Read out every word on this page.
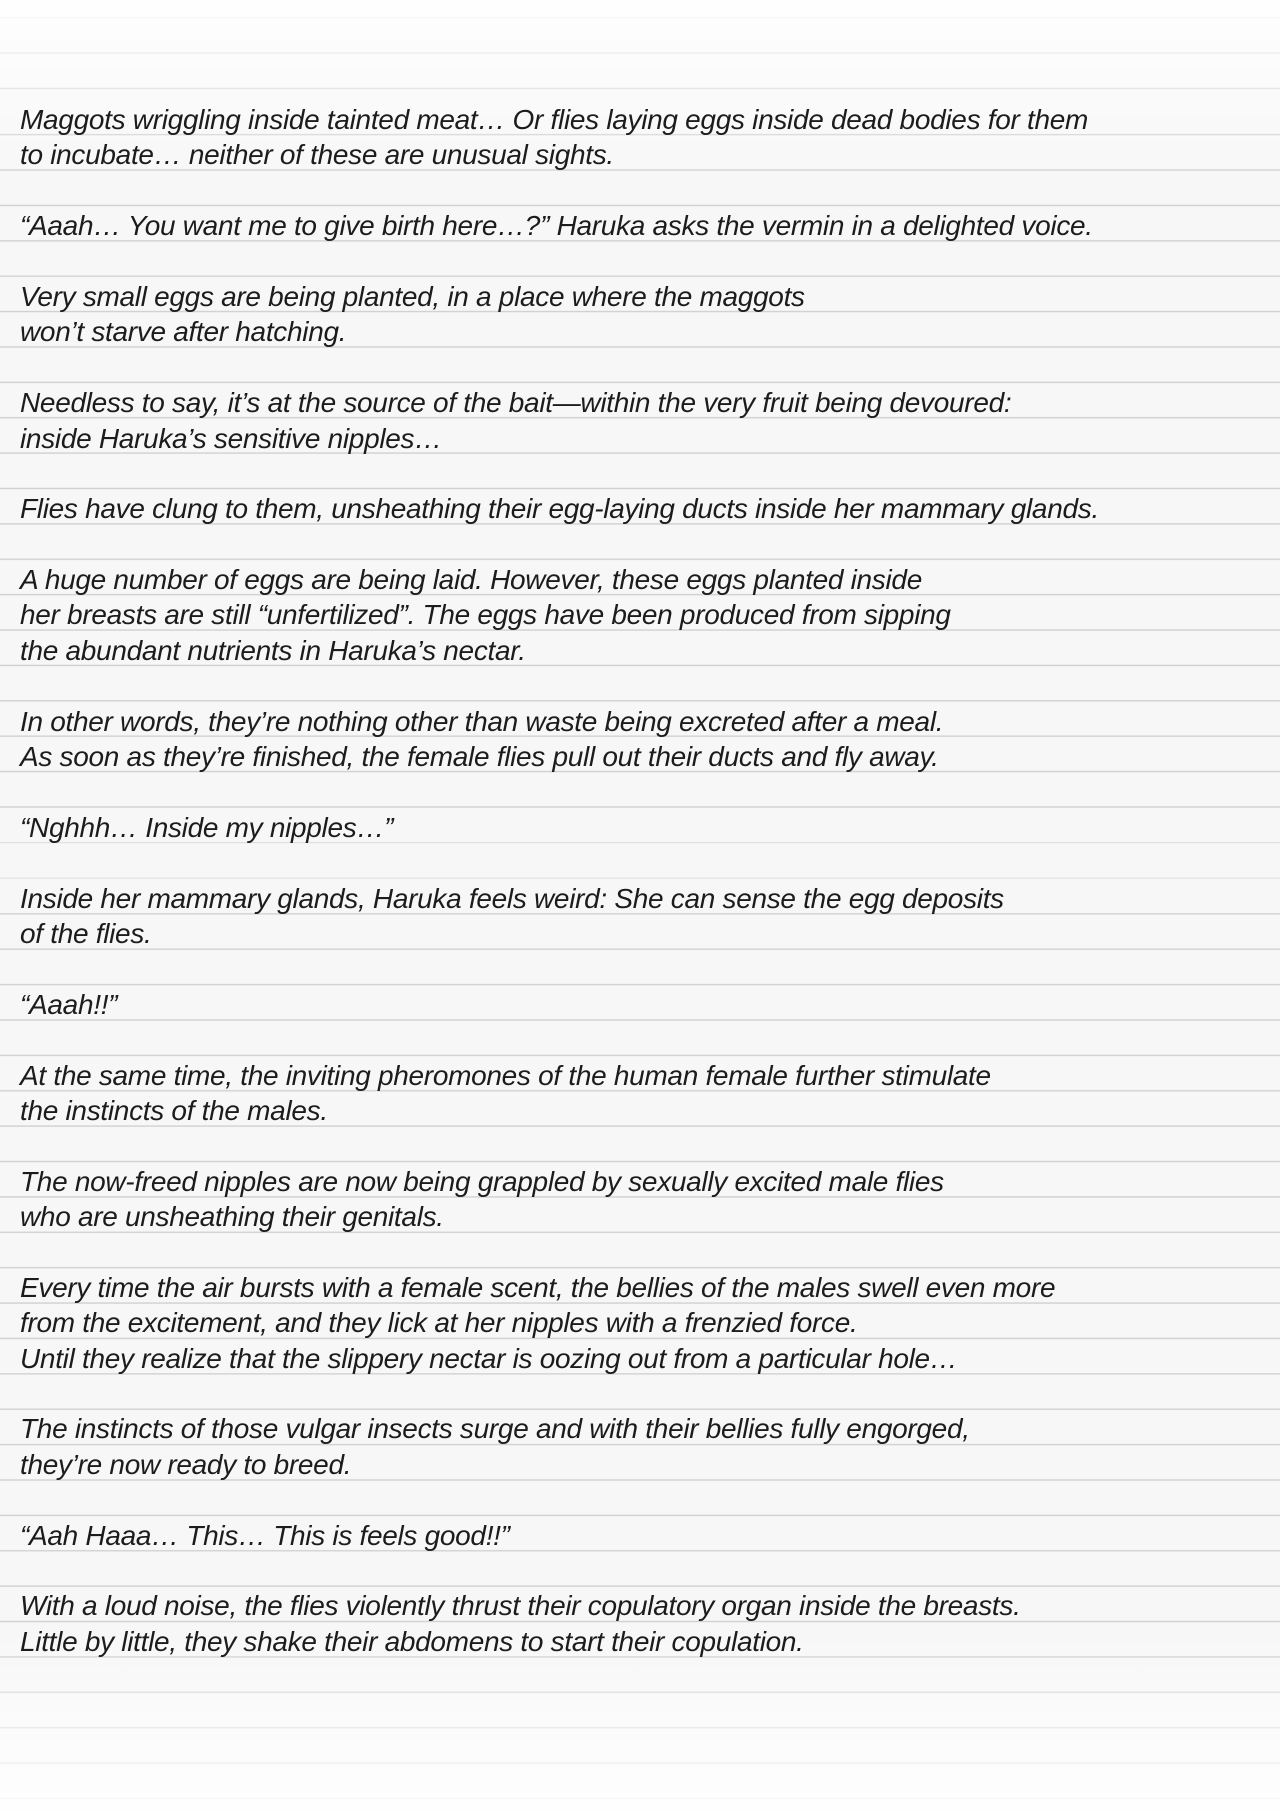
Maggots wriggling inside tainted meat… Or flies laying eggs inside dead bodies for them
to incubate… neither of these are unusual sights.
“Aaah… You want me to give birth here…?” Haruka asks the vermin in a delighted voice.
Very small eggs are being planted, in a place where the maggots
won’t starve after hatching.
Needless to say, it’s at the source of the bait—within the very fruit being devoured:
inside Haruka’s sensitive nipples…
Flies have clung to them, unsheathing their egg-laying ducts inside her mammary glands.
A huge number of eggs are being laid. However, these eggs planted inside
her breasts are still “unfertilized”. The eggs have been produced from sipping
the abundant nutrients in Haruka’s nectar.
In other words, they’re nothing other than waste being excreted after a meal.
As soon as they’re finished, the female flies pull out their ducts and fly away.
“Nghhh… Inside my nipples…”
Inside her mammary glands, Haruka feels weird: She can sense the egg deposits
of the flies.
“Aaah!!”
At the same time, the inviting pheromones of the human female further stimulate
the instincts of the males.
The now-freed nipples are now being grappled by sexually excited male flies
who are unsheathing their genitals.
Every time the air bursts with a female scent, the bellies of the males swell even more
from the excitement, and they lick at her nipples with a frenzied force.
Until they realize that the slippery nectar is oozing out from a particular hole…
The instincts of those vulgar insects surge and with their bellies fully engorged,
they’re now ready to breed.
“Aah Haaa… This… This is feels good!!”
With a loud noise, the flies violently thrust their copulatory organ inside the breasts.
Little by little, they shake their abdomens to start their copulation.
